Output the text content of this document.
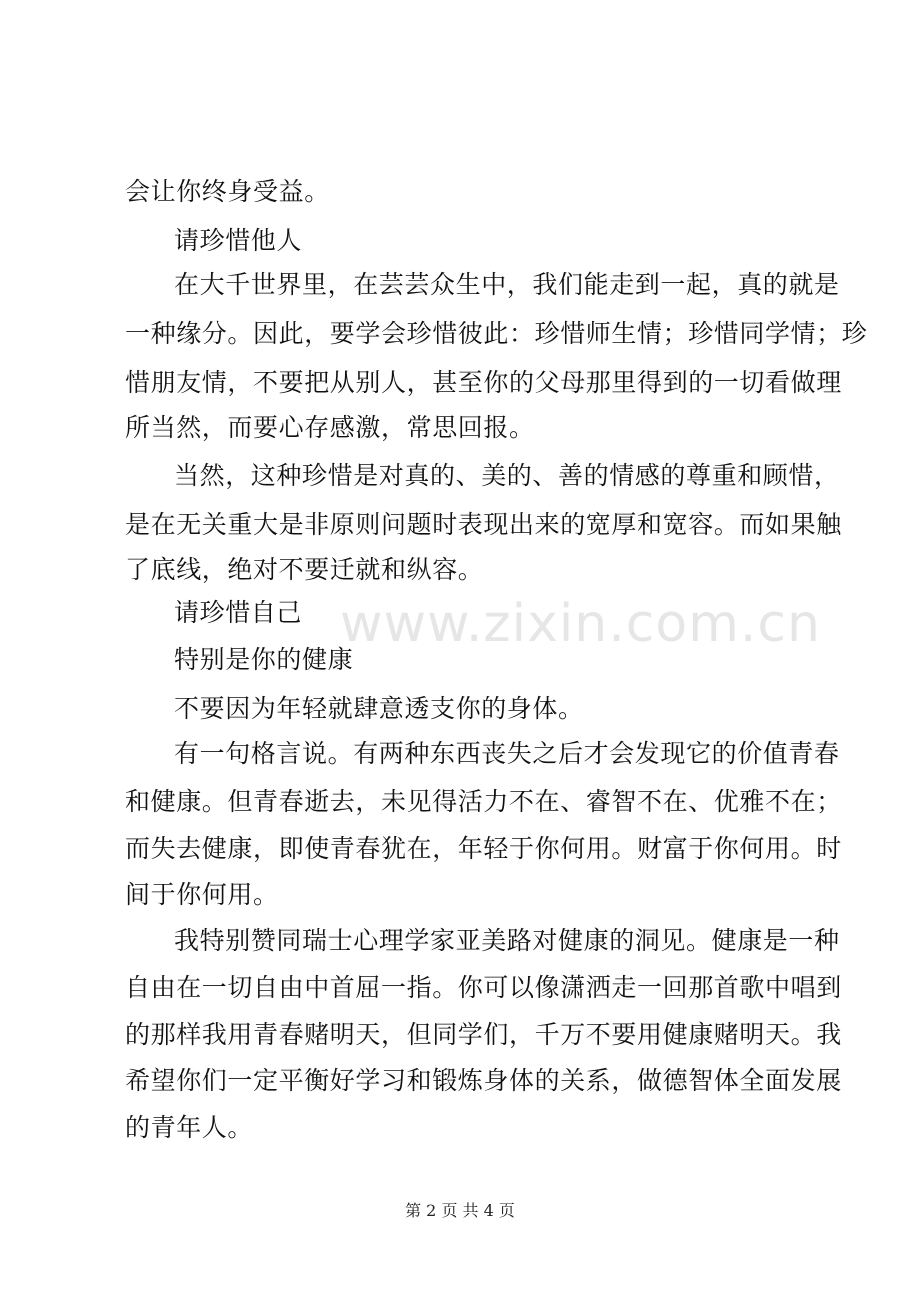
会让你终身受益。
请珍惜他人
在大千世界里，在芸芸众生中，我们能走到一起，真的就是
一种缘分。因此，要学会珍惜彼此：珍惜师生情；珍惜同学情；珍
惜朋友情，不要把从别人，甚至你的父母那里得到的一切看做理
所当然，而要心存感激，常思回报。
当然，这种珍惜是对真的、美的、善的情感的尊重和顾惜，
是在无关重大是非原则问题时表现出来的宽厚和宽容。而如果触
了底线，绝对不要迁就和纵容。
请珍惜自己
特别是你的健康
不要因为年轻就肆意透支你的身体。
有一句格言说。有两种东西丧失之后才会发现它的价值青春
和健康。但青春逝去，未见得活力不在、睿智不在、优雅不在；
而失去健康，即使青春犹在，年轻于你何用。财富于你何用。时
间于你何用。
我特别赞同瑞士心理学家亚美路对健康的洞见。健康是一种
自由在一切自由中首屈一指。你可以像潇洒走一回那首歌中唱到
的那样我用青春赌明天，但同学们，千万不要用健康赌明天。我
希望你们一定平衡好学习和锻炼身体的关系，做德智体全面发展
的青年人。
www.zixin.com.cn
第 2 页 共 4 页
